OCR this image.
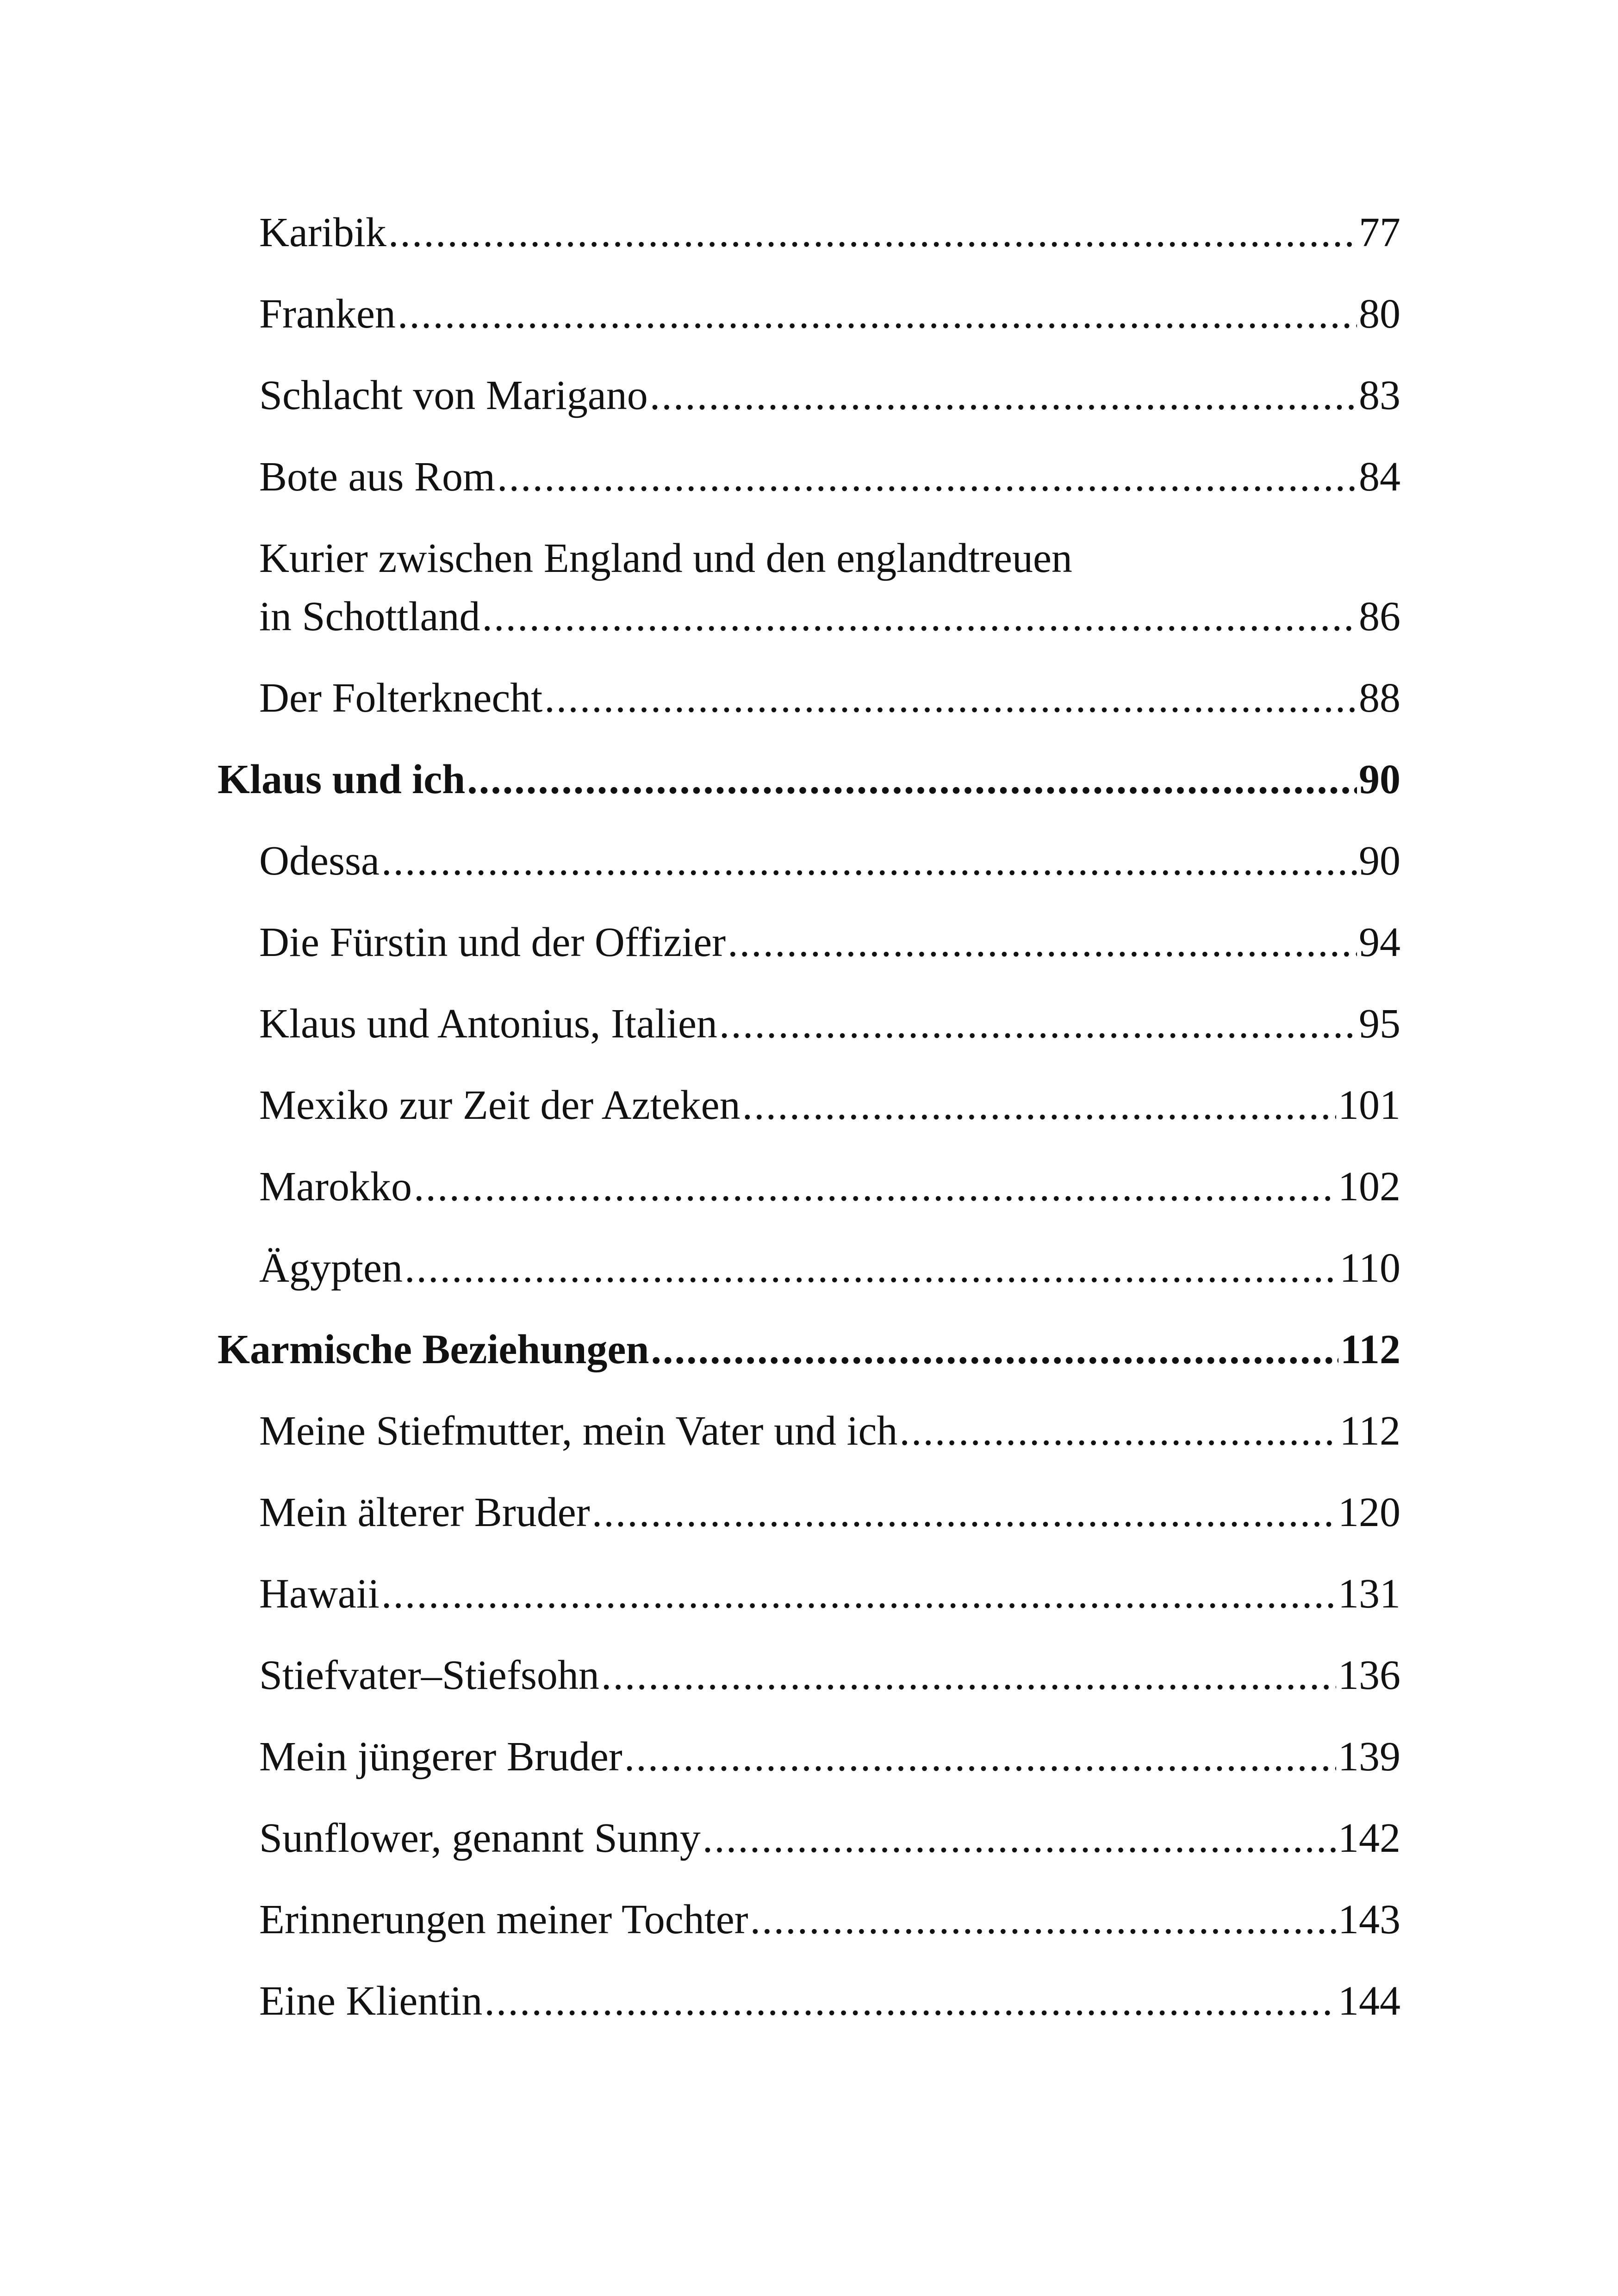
Karibik .....	77
Franken .....	80
Schlacht von Marigano .....	83
Bote aus Rom .....	84
Kurier zwischen England und den englandtreuen
in Schottland .....	86
Der Folterknecht .....	88
Klaus und ich .....	90
Odessa .....	90
Die Fürstin und der Offizier .....	94
Klaus und Antonius, Italien .....	95
Mexiko zur Zeit der Azteken .....	101
Marokko .....	102
Ägypten .....	110
Karmische Beziehungen .....	112
Meine Stiefmutter, mein Vater und ich .....	112
Mein älterer Bruder .....	120
Hawaii .....	131
Stiefvater–Stiefsohn .....	136
Mein jüngerer Bruder .....	139
Sunflower, genannt Sunny .....	142
Erinnerungen meiner Tochter .....	143
Eine Klientin .....	144
